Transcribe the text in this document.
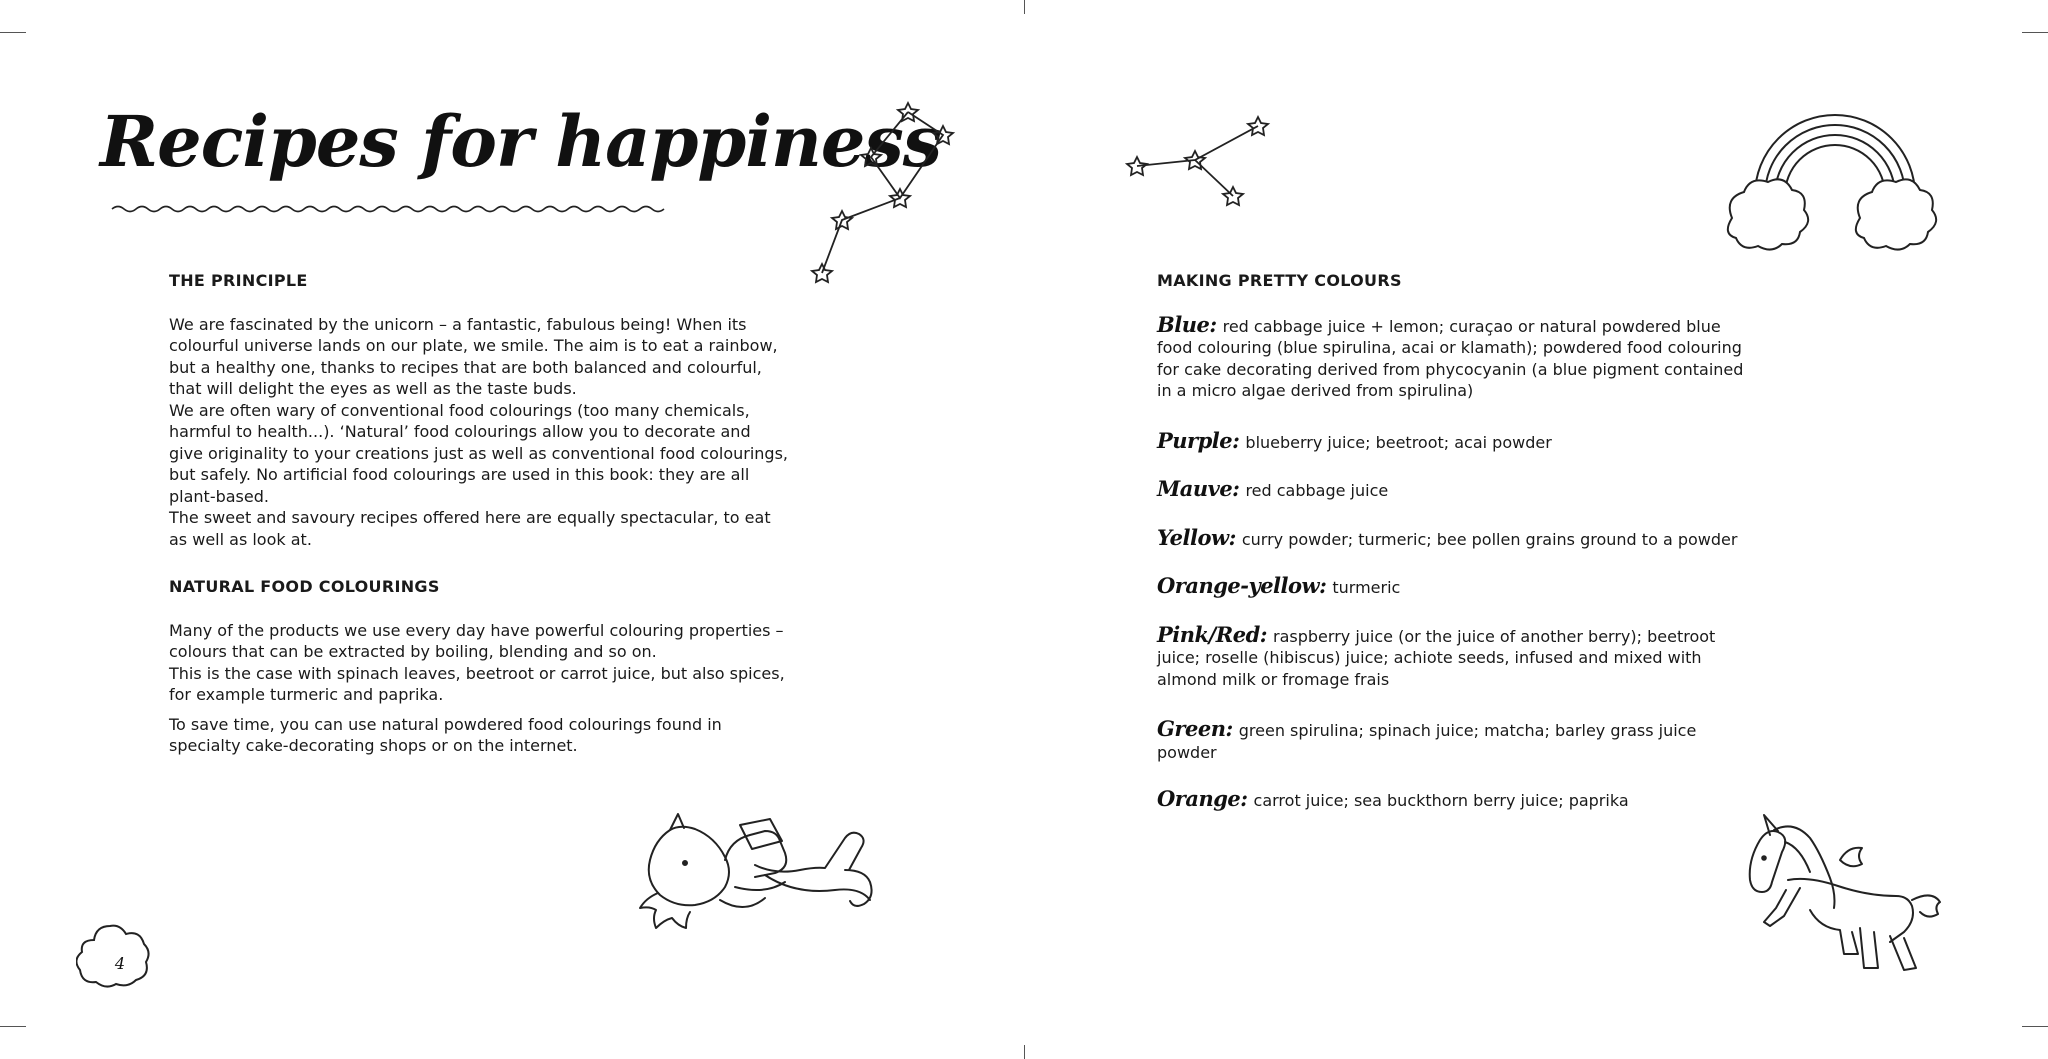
Recipes for happiness
THE PRINCIPLE

We are fascinated by the unicorn – a fantastic, fabulous being! When its colourful universe lands on our plate, we smile. The aim is to eat a rainbow, but a healthy one, thanks to recipes that are both balanced and colourful, that will delight the eyes as well as the taste buds.

We are often wary of conventional food colourings (too many chemicals, harmful to health...). ‘Natural’ food colourings allow you to decorate and give originality to your creations just as well as conventional food colourings, but safely. No artificial food colourings are used in this book: they are all plant-based.

The sweet and savoury recipes offered here are equally spectacular, to eat as well as look at.

NATURAL FOOD COLOURINGS

Many of the products we use every day have powerful colouring properties – colours that can be extracted by boiling, blending and so on.

This is the case with spinach leaves, beetroot or carrot juice, but also spices, for example turmeric and paprika.

To save time, you can use natural powdered food colourings found in specialty cake-decorating shops or on the internet.

4
MAKING PRETTY COLOURS

Blue: red cabbage juice + lemon; curaçao or natural powdered blue food colouring (blue spirulina, acai or klamath); powdered food colouring for cake decorating derived from phycocyanin (a blue pigment contained in a micro algae derived from spirulina)

Purple: blueberry juice; beetroot; acai powder

Mauve: red cabbage juice

Yellow: curry powder; turmeric; bee pollen grains ground to a powder

Orange-yellow: turmeric

Pink/Red: raspberry juice (or the juice of another berry); beetroot juice; roselle (hibiscus) juice; achiote seeds, infused and mixed with almond milk or fromage frais

Green: green spirulina; spinach juice; matcha; barley grass juice powder

Orange: carrot juice; sea buckthorn berry juice; paprika
